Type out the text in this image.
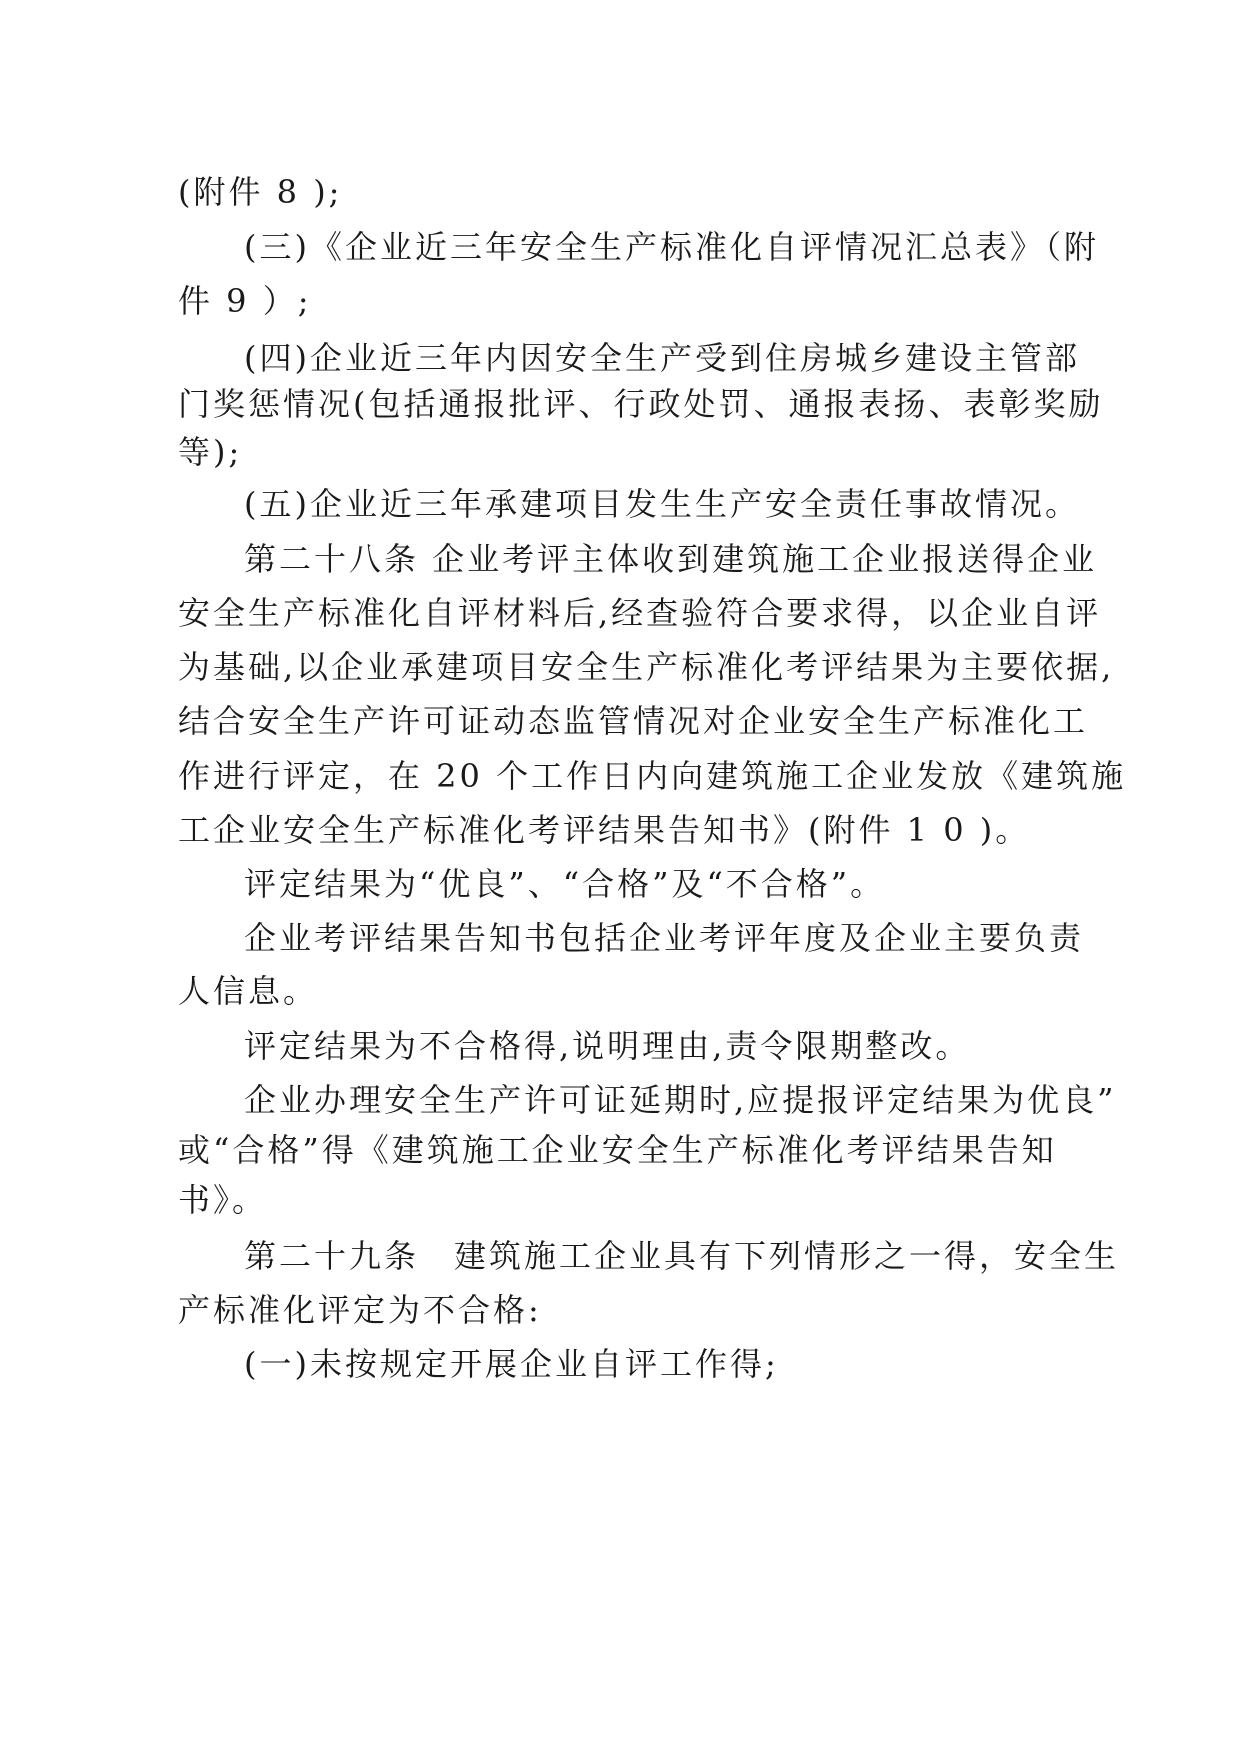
(附件 8 );
(三)《企业近三年安全生产标准化自评情况汇总表》（附
件 9 ）;
(四)企业近三年内因安全生产受到住房城乡建设主管部
门奖惩情况(包括通报批评、行政处罚、通报表扬、表彰奖励
等);
(五)企业近三年承建项目发生生产安全责任事故情况。
第二十八条 企业考评主体收到建筑施工企业报送得企业
安全生产标准化自评材料后,经查验符合要求得，以企业自评
为基础,以企业承建项目安全生产标准化考评结果为主要依据,
结合安全生产许可证动态监管情况对企业安全生产标准化工
作进行评定，在 20 个工作日内向建筑施工企业发放《建筑施
工企业安全生产标准化考评结果告知书》(附件 1 0 )。
评定结果为“优良”、“合格”及“不合格”。
企业考评结果告知书包括企业考评年度及企业主要负责
人信息。
评定结果为不合格得,说明理由,责令限期整改。
企业办理安全生产许可证延期时,应提报评定结果为优良”
或“合格”得《建筑施工企业安全生产标准化考评结果告知
书》。
第二十九条　建筑施工企业具有下列情形之一得，安全生
产标准化评定为不合格:
(一)未按规定开展企业自评工作得;
